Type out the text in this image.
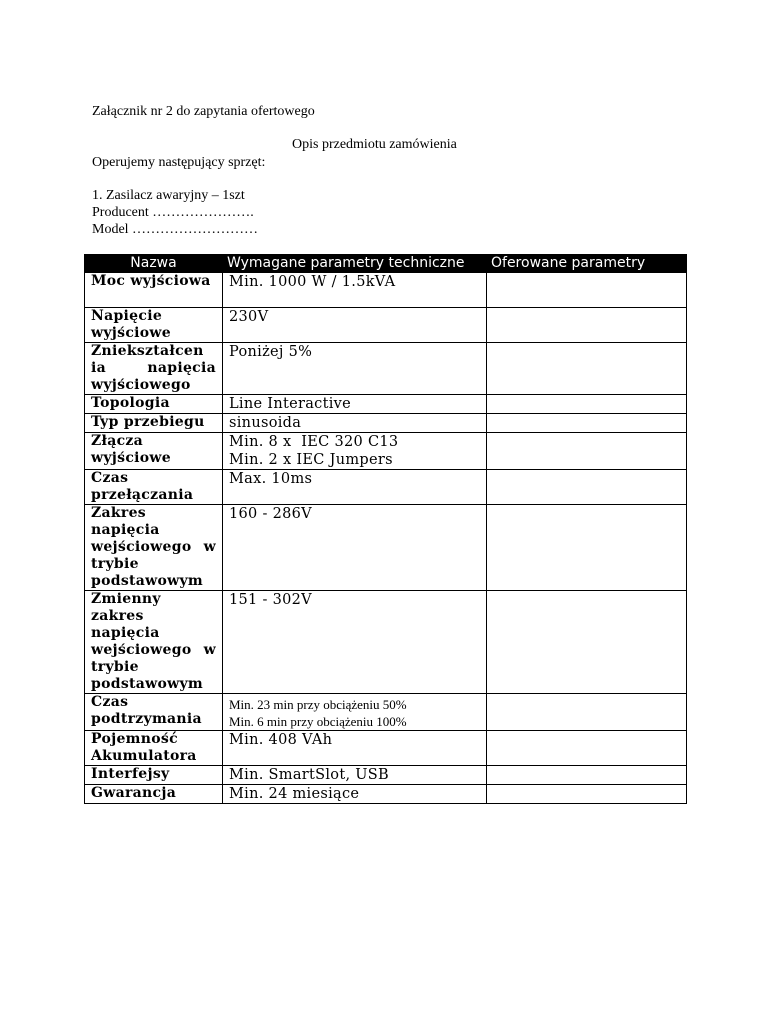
Załącznik nr 2 do zapytania ofertowego
Opis przedmiotu zamówienia
Operujemy następujący sprzęt:
1. Zasilacz awaryjny – 1szt
Producent ………………….
Model ………………………
Nazwa	Wymagane parametry techniczne	Oferowane parametry
Moc wyjściowa	Min. 1000 W / 1.5kVA	
Napięcie wyjściowe	230V	
Zniekształcen ia napięcia wyjściowego	Poniżej 5%	
Topologia	Line Interactive	
Typ przebiegu	sinusoida	
Złącza wyjściowe	Min. 8 x  IEC 320 C13
Min. 2 x IEC Jumpers	

Czas przełączania	Max. 10ms	
Zakres napięcia wejściowego w trybie podstawowym	160 - 286V	
Zmienny zakres napięcia wejściowego w trybie podstawowym	151 - 302V	
Czas podtrzymania	Min. 23 min przy obciążeniu 50%
Min. 6 min przy obciążeniu 100%	

Pojemność Akumulatora	Min. 408 VAh	
Interfejsy	Min. SmartSlot, USB	
Gwarancja	Min. 24 miesiące	
